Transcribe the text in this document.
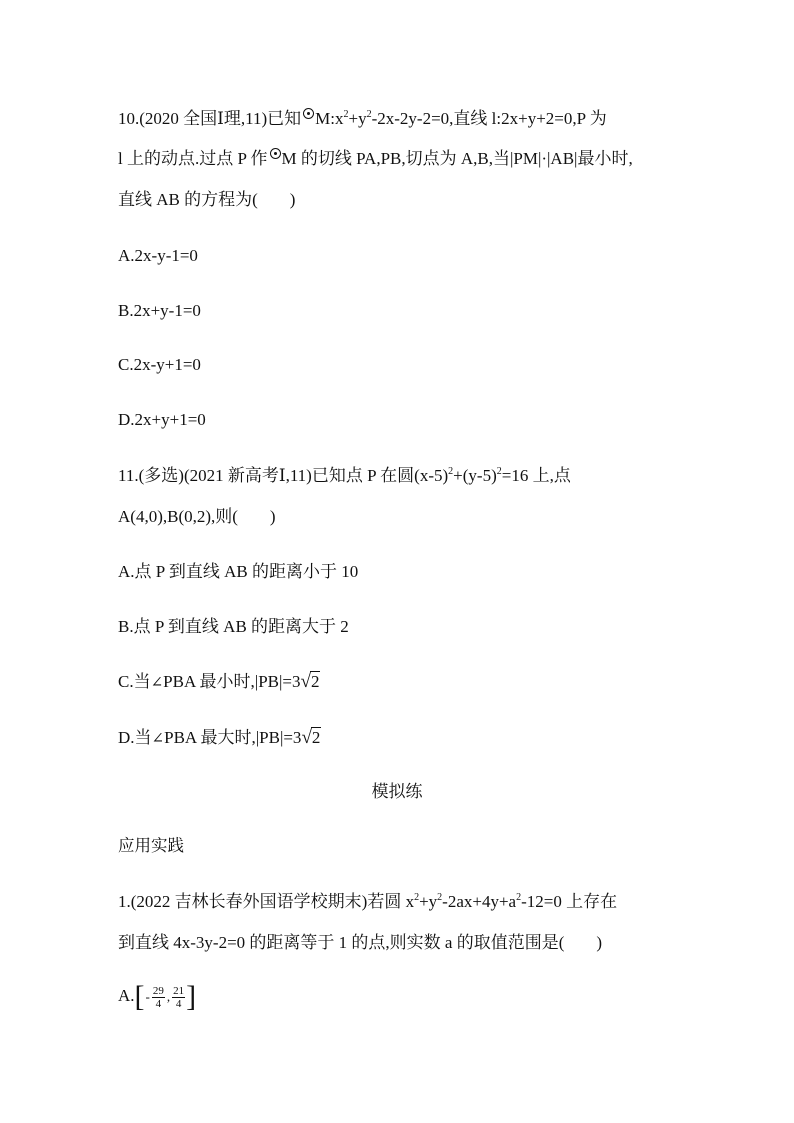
10.(2020 全国Ⅰ理,11)已知 $M:x^2+y^2-2x-2y-2=0$,直线 l:2x+y+2=0,P 为
l 上的动点.过点 P 作 M 的切线 PA,PB,切点为 A,B,当|PM|·|AB|最小时,
直线 AB 的方程为( )
A.2x-y-1=0
B.2x+y-1=0
C.2x-y+1=0
D.2x+y+1=0
11.(多选)(2021 新高考Ⅰ,11)已知点 P 在圆$(x-5)^2+(y-5)^2=16$ 上,点
A(4,0),B(0,2),则( )
A.点 P 到直线 AB 的距离小于 10
B.点 P 到直线 AB 的距离大于 2
C.当∠PBA 最小时,|PB|=3√2
D.当∠PBA 最大时,|PB|=3√2
模拟练
应用实践
1.(2022 吉林长春外国语学校期末)若圆 $x^2+y^2-2ax+4y+a^2-12=0$ 上存在
到直线 4x-3y-2=0 的距离等于 1 的点,则实数 a 的取值范围是( )
A. [ - $\frac{29}{4}$ , $\frac{21}{4}$ ]
